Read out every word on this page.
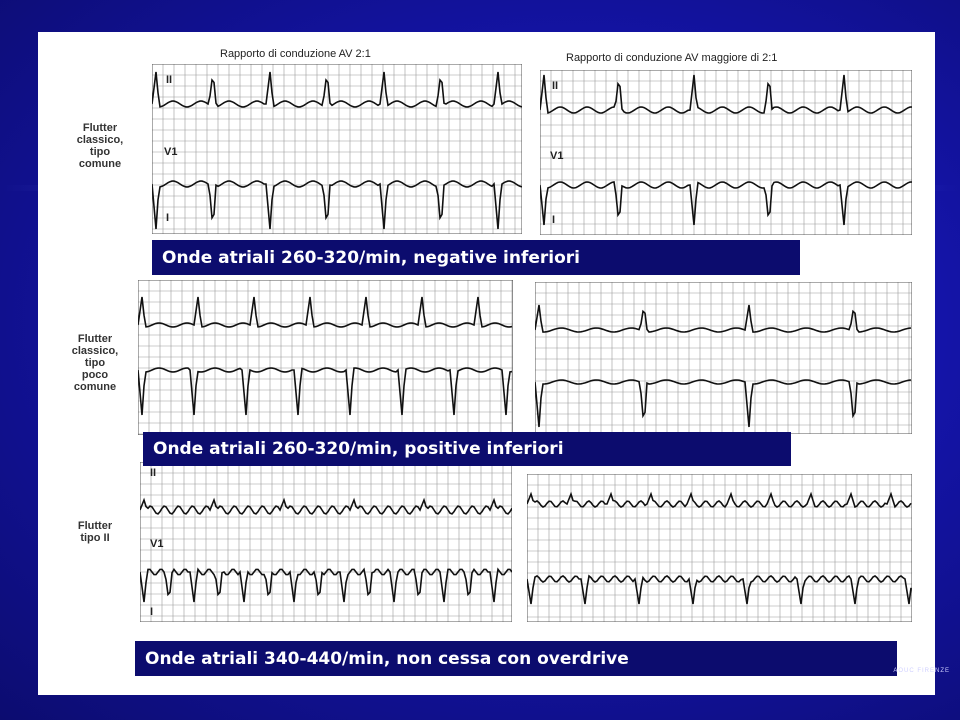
Rapporto di conduzione AV 2:1	Rapporto di conduzione AV maggiore di 2:1
Flutter
classico,
tipo
comune
Flutter
classico,
tipo
poco
comune
Flutter
tipo II
II
V1
I
II
V1
I
II
V1
I
Onde atriali 260-320/min, negative inferiori
Onde atriali 260-320/min, positive inferiori
Onde atriali 340-440/min, non cessa con overdrive
AOUC FIRENZE
